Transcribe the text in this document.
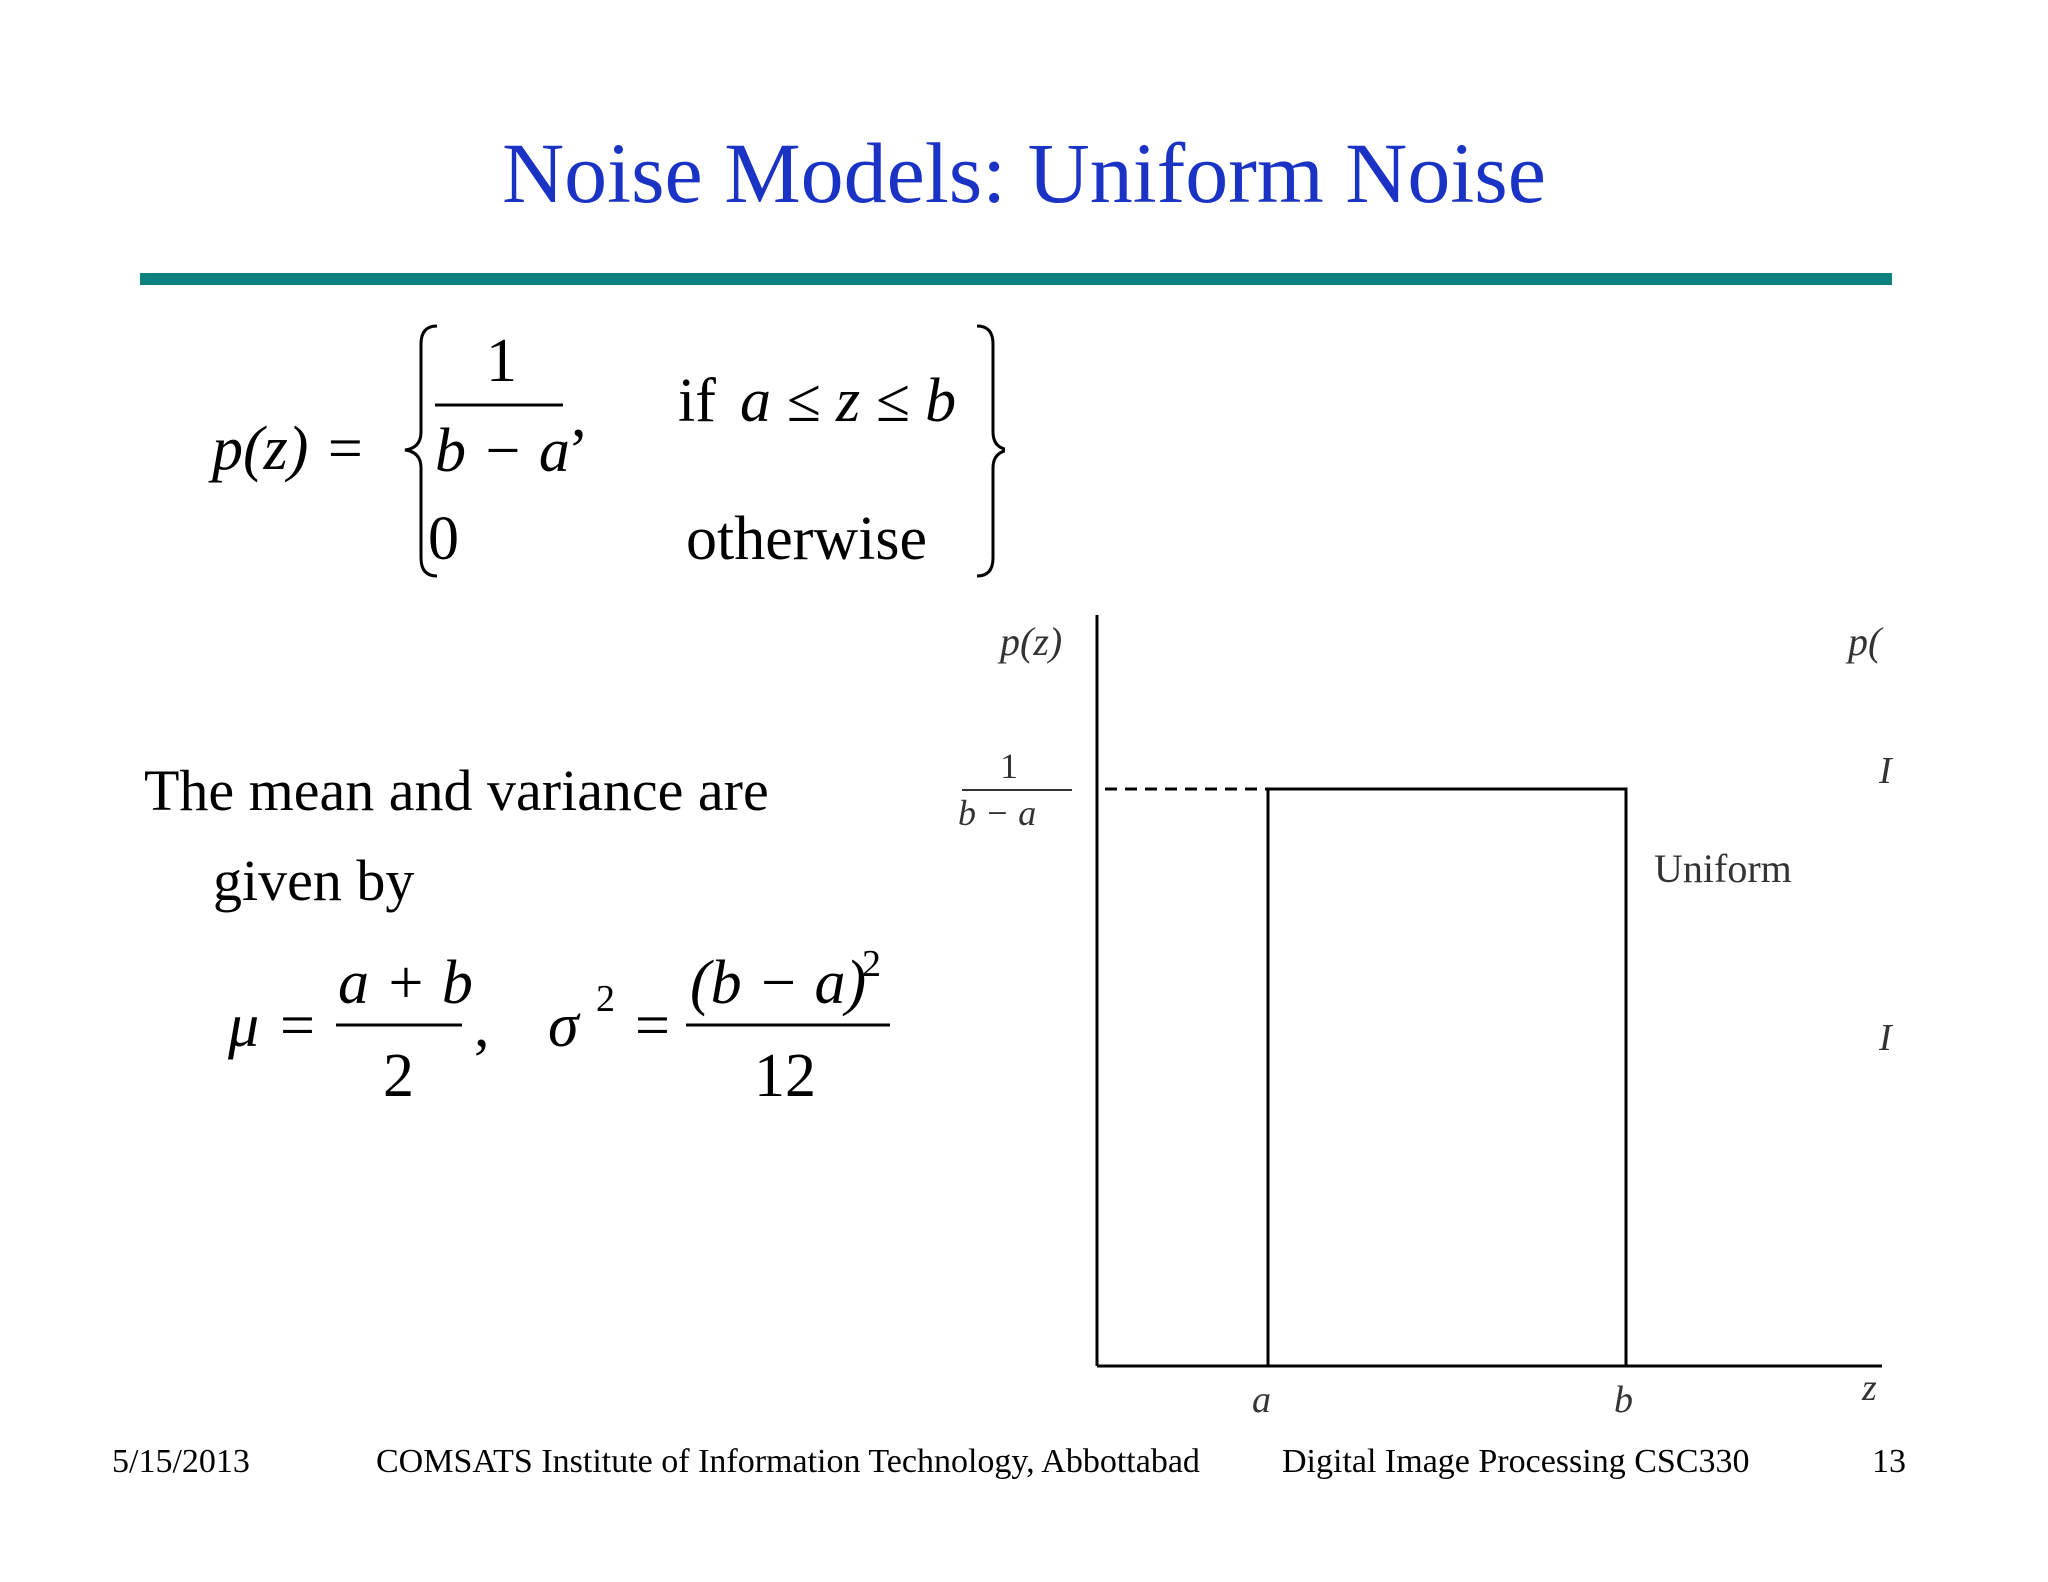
Noise Models: Uniform Noise
p(z) =
1
b − a
, if a ≤ z ≤ b
0	otherwise
The mean and variance are
given by
μ =
a + b
2
, σ 2 =
(b − a)
2
12
p(z)
1
b − a
a	b	z
Uniform
p(
I
I
5/15/2013	COMSATS Institute of Information Technology, Abbottabad Digital Image Processing CSC330	13
